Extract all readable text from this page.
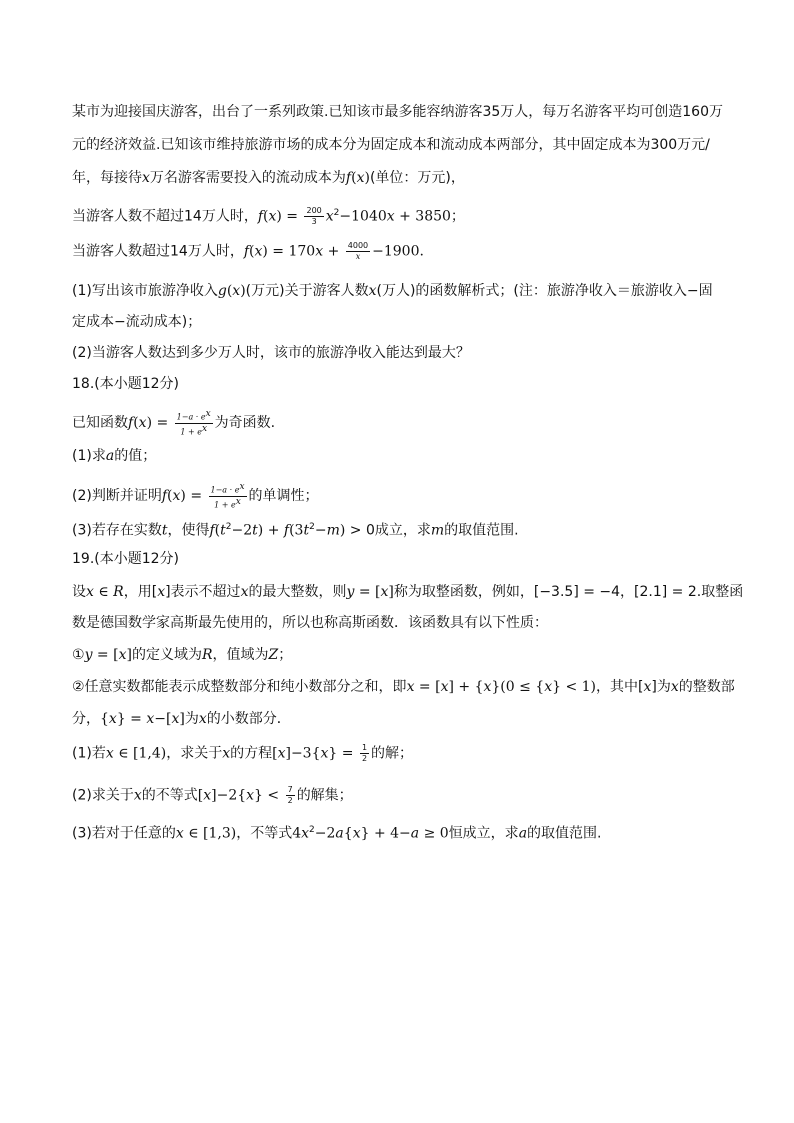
某市为迎接国庆游客，出台了一系列政策.已知该市最多能容纳游客35万人，每万名游客平均可创造160万
元的经济效益.已知该市维持旅游市场的成本分为固定成本和流动成本两部分，其中固定成本为300万元/
年，每接待x万名游客需要投入的流动成本为f(x)(单位：万元)，
当游客人数不超过14万人时，$f(x) = \frac{200}{3} x^2-1040x + 3850$；
当游客人数超过14万人时，$f(x) = 170x + \frac{4000}{x} -1900$.
(1)写出该市旅游净收入g(x)(万元)关于游客人数x(万人)的函数解析式；(注：旅游净收入＝旅游收入−固
定成本−流动成本)；
(2)当游客人数达到多少万人时，该市的旅游净收入能达到最大？
18.(本小题12分)
已知函数$f(x) = \frac{1-a \cdot e^x}{1 + e^x}$ 为奇函数.
(1)求a的值；
(2)判断并证明$f(x) = \frac{1-a \cdot e^x}{1 + e^x}$ 的单调性；
(3)若存在实数t，使得$f(t^2-2t) + f(3t^2-m) > 0$成立，求m的取值范围.
19.(本小题12分)
设x ∈ R，用[x]表示不超过x的最大整数，则y = [x]称为取整函数，例如，[−3.5] = −4，[2.1] = 2.取整函
数是德国数学家高斯最先使用的，所以也称高斯函数．该函数具有以下性质：
①y = [x]的定义域为R，值域为Z；
②任意实数都能表示成整数部分和纯小数部分之和，即x = [x] + {x}(0 ≤ {x} < 1)，其中[x]为x的整数部
分，{x} = x−[x]为x的小数部分．
(1)若x ∈ [1,4)，求关于x的方程$[x]-3\{x\} = \frac{1}{2}$ 的解；
(2)求关于x的不等式$[x]-2\{x\} < \frac{7}{2}$ 的解集；
(3)若对于任意的x ∈ [1,3)，不等式$4x^2-2a\{x\} + 4-a \ge 0$恒成立，求a的取值范围.
